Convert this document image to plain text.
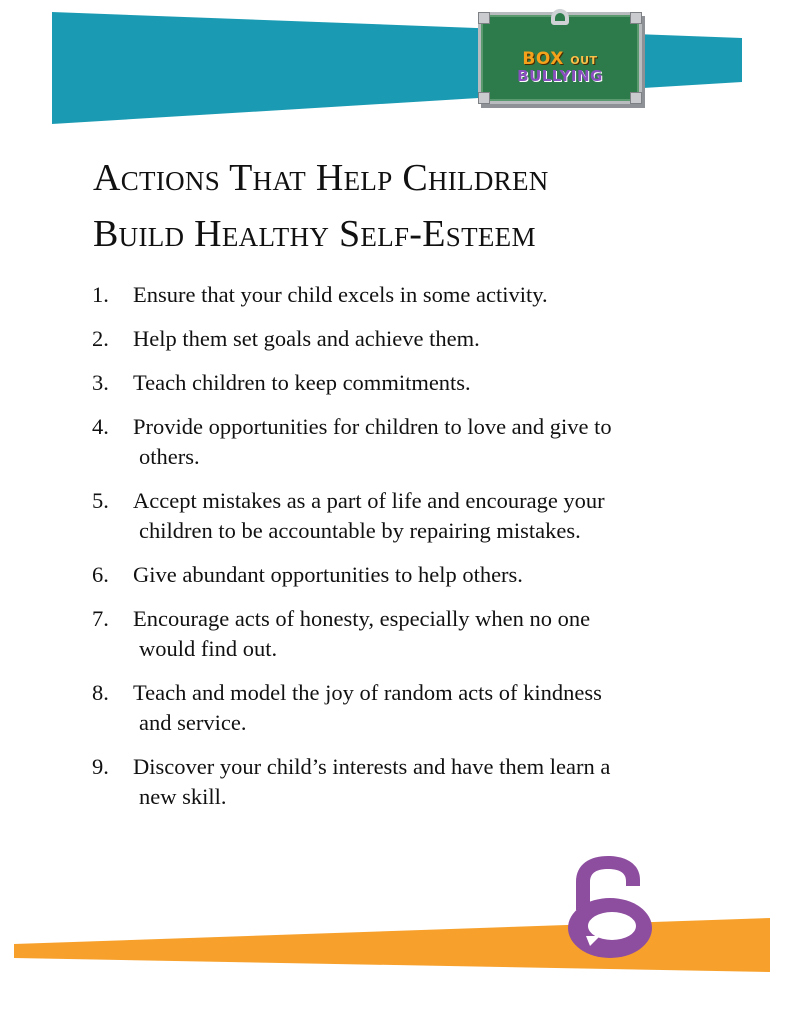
BOX OUT
BULLYING
Actions That Help Children
Build Healthy Self-Esteem
1.	Ensure that your child excels in some activity.
2.	Help them set goals and achieve them.
3.	Teach children to keep commitments.
4.	Provide opportunities for children to love and give to
others.
5.	Accept mistakes as a part of life and encourage your
children to be accountable by repairing mistakes.
6.	Give abundant opportunities to help others.
7.	Encourage acts of honesty, especially when no one
would find out.
8.	Teach and model the joy of random acts of kindness
and service.
9.	Discover your child’s interests and have them learn a
new skill.
